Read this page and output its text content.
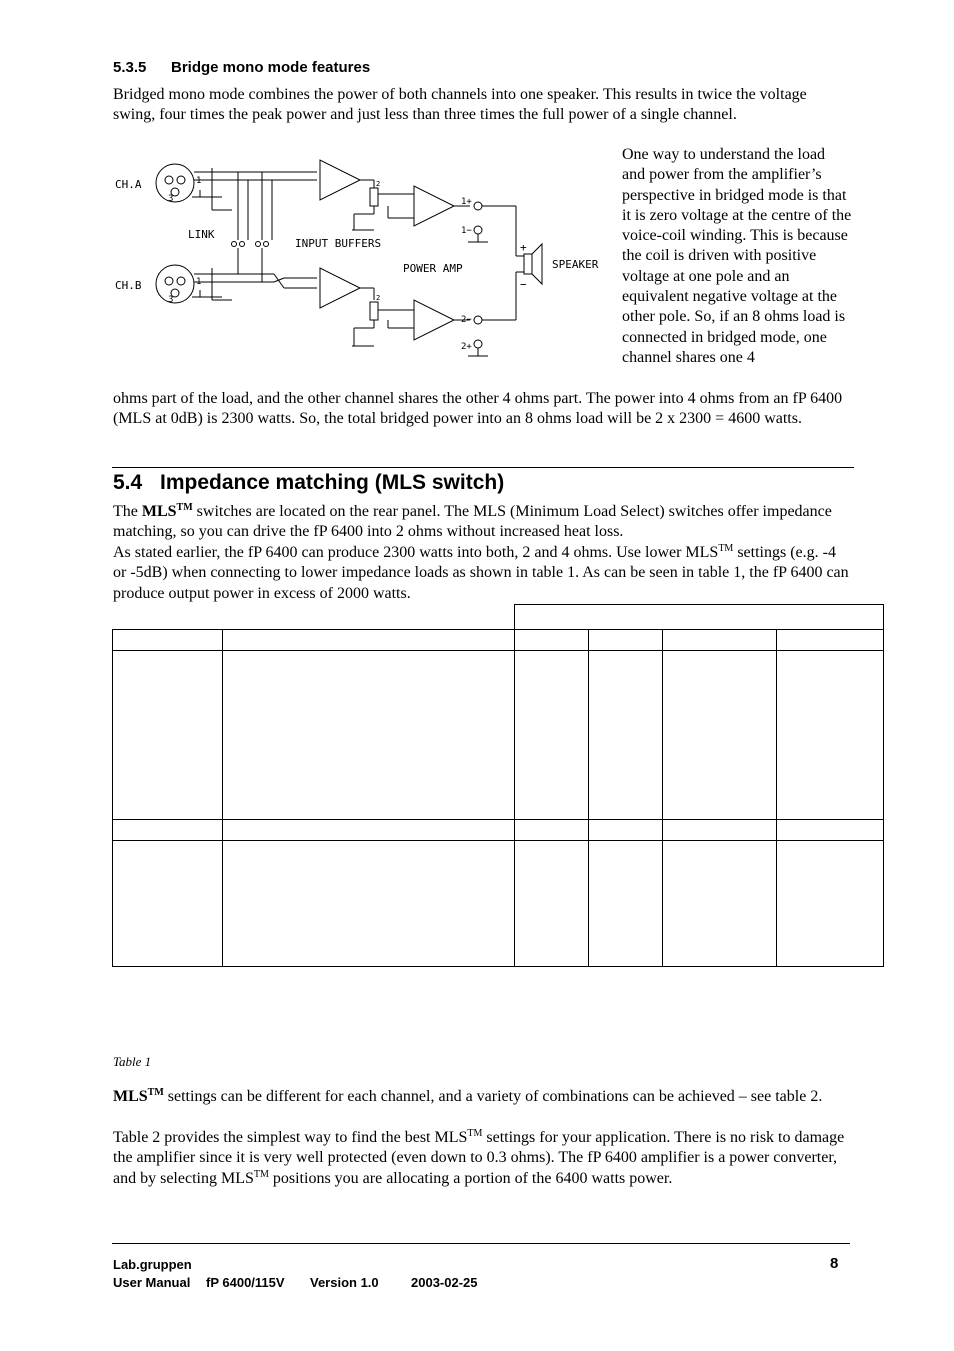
5.3.5 Bridge mono mode features
Bridged mono mode combines the power of both channels into one speaker. This results in twice the voltage swing, four times the peak power and just less than three times the full power of a single channel.
CH.A
CH.B
LINK
INPUT BUFFERS
POWER AMP	SPEAKER
+
−
1+
1−
2−
2+
1
3
1
3
2
2
One way to understand the load and power from the amplifier’s perspective in bridged mode is that it is zero voltage at the centre of the voice-coil winding. This is because the coil is driven with positive voltage at one pole and an equivalent negative voltage at the other pole. So, if an 8 ohms load is connected in bridged mode, one channel shares one 4
ohms part of the load, and the other channel shares the other 4 ohms part. The power into 4 ohms from an fP 6400 (MLS at 0dB) is 2300 watts. So, the total bridged power into an 8 ohms load will be 2 x 2300 = 4600 watts.
5.4 Impedance matching (MLS switch)
The MLS™ switches are located on the rear panel. The MLS (Minimum Load Select) switches offer impedance matching, so you can drive the fP 6400 into 2 ohms without increased heat loss.
As stated earlier, the fP 6400 can produce 2300 watts into both, 2 and 4 ohms. Use lower MLS™ settings (e.g. -4 or -5dB) when connecting to lower impedance loads as shown in table 1. As can be seen in table 1, the fP 6400 can produce output power in excess of 2000 watts.
Table 1
MLS™ settings can be different for each channel, and a variety of combinations can be achieved – see table 2.
Table 2 provides the simplest way to find the best MLS™ settings for your application. There is no risk to damage the amplifier since it is very well protected (even down to 0.3 ohms). The fP 6400 amplifier is a power converter, and by selecting MLS™ positions you are allocating a portion of the 6400 watts power.
Lab.gruppen	8
User Manual fP 6400/115V Version 1.0 2003-02-25
